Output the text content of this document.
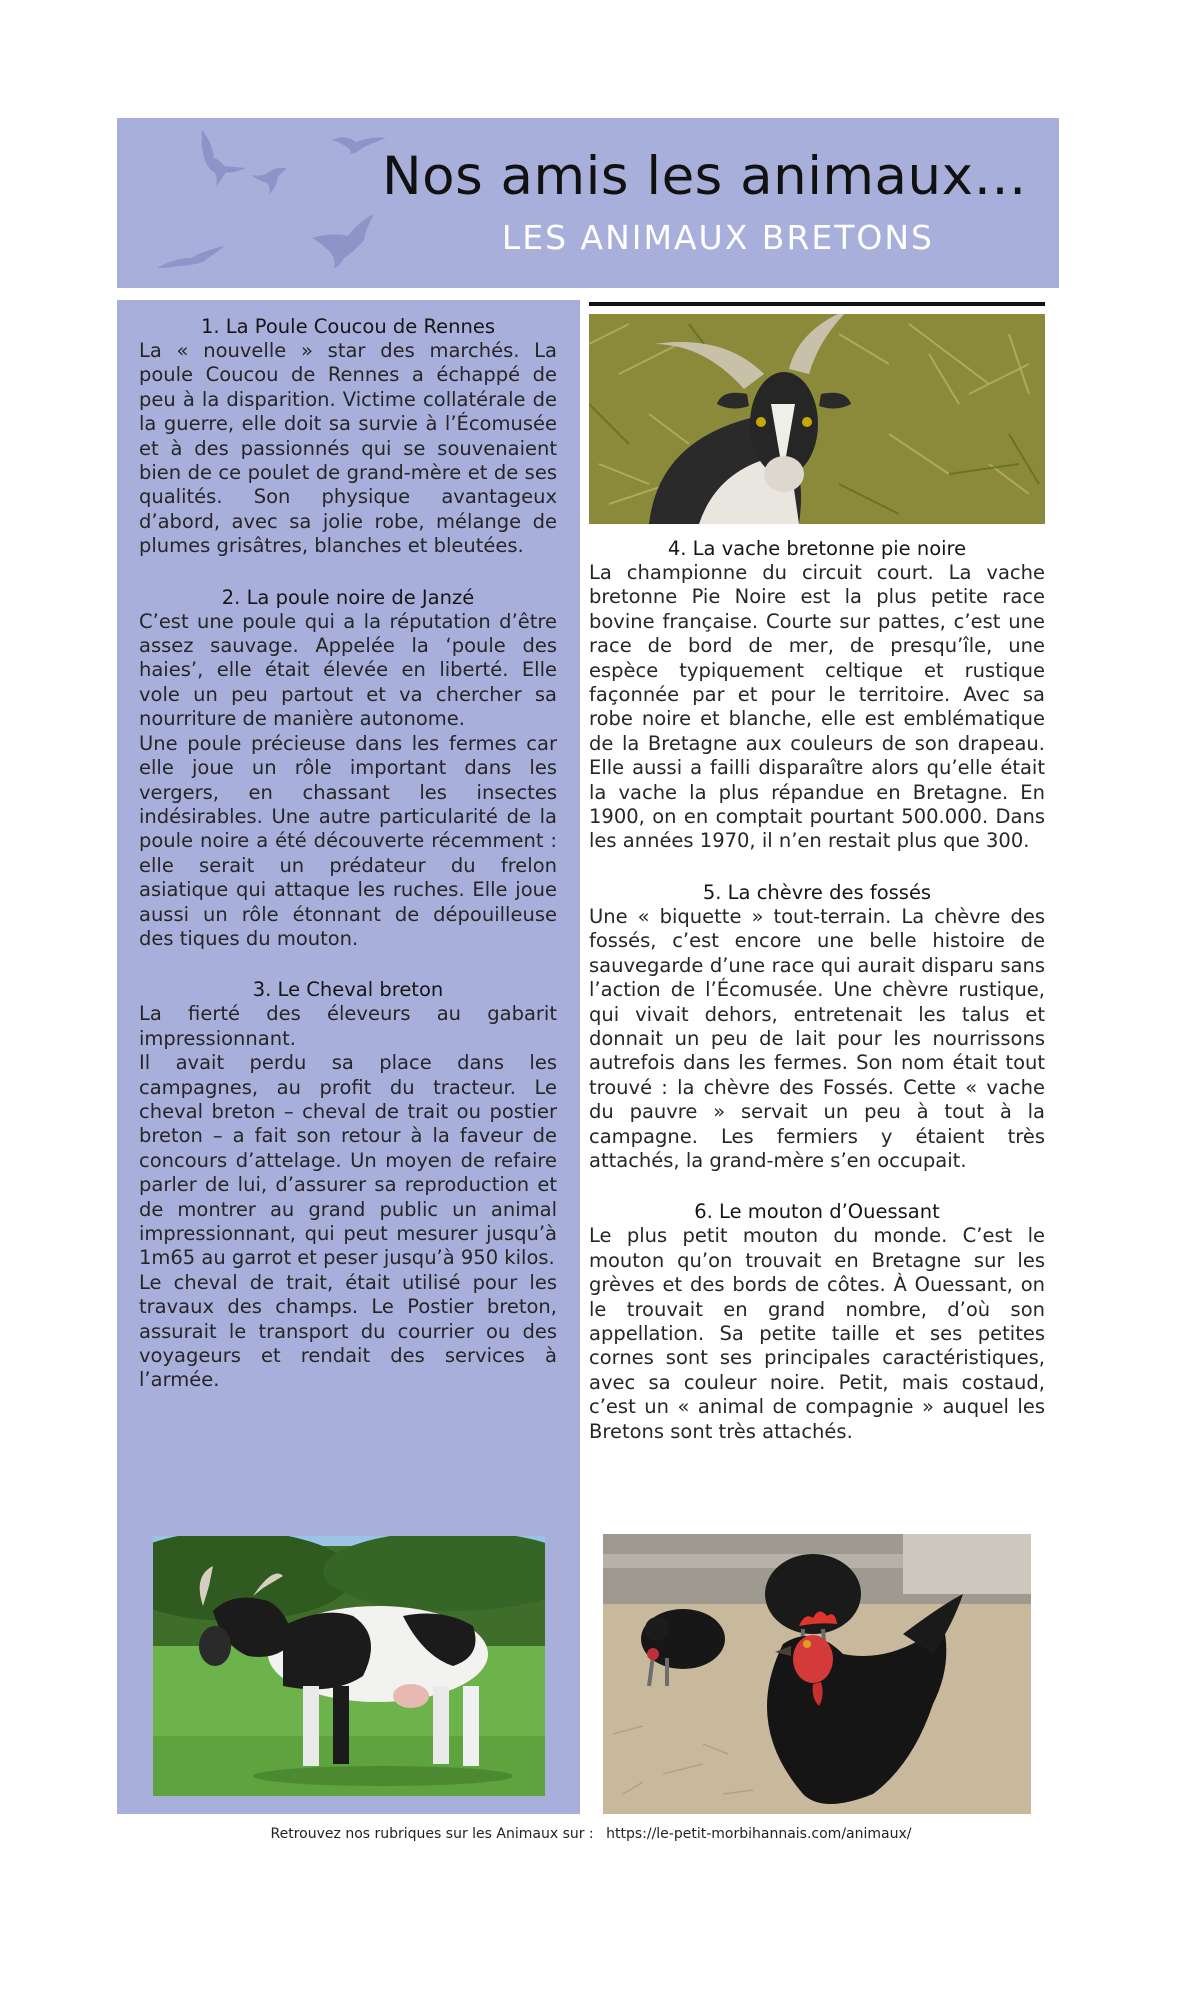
Nos amis les animaux…
LES ANIMAUX BRETONS
1. La Poule Coucou de Rennes

La « nouvelle » star des marchés. La poule Coucou de Rennes a échappé de peu à la disparition. Victime collatérale de la guerre, elle doit sa survie à l’Écomusée et à des passionnés qui se souvenaient bien de ce poulet de grand-mère et de ses qualités. Son physique avantageux d’abord, avec sa jolie robe, mélange de plumes grisâtres, blanches et bleutées.

2. La poule noire de Janzé

C’est une poule qui a la réputation d’être assez sauvage. Appelée la ‘poule des haies’, elle était élevée en liberté. Elle vole un peu partout et va chercher sa nourriture de manière autonome.

Une poule précieuse dans les fermes car elle joue un rôle important dans les vergers, en chassant les insectes indésirables. Une autre particularité de la poule noire a été découverte récemment : elle serait un prédateur du frelon asiatique qui attaque les ruches. Elle joue aussi un rôle étonnant de dépouilleuse des tiques du mouton.

3. Le Cheval breton

La fierté des éleveurs au gabarit impressionnant.

Il avait perdu sa place dans les campagnes, au profit du tracteur. Le cheval breton – cheval de trait ou postier breton – a fait son retour à la faveur de concours d’attelage. Un moyen de refaire parler de lui, d’assurer sa reproduction et de montrer au grand public un animal impressionnant, qui peut mesurer jusqu’à 1m65 au garrot et peser jusqu’à 950 kilos.

Le cheval de trait, était utilisé pour les travaux des champs. Le Postier breton, assurait le transport du courrier ou des voyageurs et rendait des services à l’armée.

4. La vache bretonne pie noire

La championne du circuit court. La vache bretonne Pie Noire est la plus petite race bovine française. Courte sur pattes, c’est une race de bord de mer, de presqu’île, une espèce typiquement celtique et rustique façonnée par et pour le territoire. Avec sa robe noire et blanche, elle est emblématique de la Bretagne aux couleurs de son drapeau. Elle aussi a failli disparaître alors qu’elle était la vache la plus répandue en Bretagne. En 1900, on en comptait pourtant 500.000. Dans les années 1970, il n’en restait plus que 300.

5. La chèvre des fossés

Une « biquette » tout-terrain. La chèvre des fossés, c’est encore une belle histoire de sauvegarde d’une race qui aurait disparu sans l’action de l’Écomusée. Une chèvre rustique, qui vivait dehors, entretenait les talus et donnait un peu de lait pour les nourrissons autrefois dans les fermes. Son nom était tout trouvé : la chèvre des Fossés. Cette « vache du pauvre » servait un peu à tout à la campagne. Les fermiers y étaient très attachés, la grand-mère s’en occupait.

6. Le mouton d’Ouessant

Le plus petit mouton du monde. C’est le mouton qu’on trouvait en Bretagne sur les grèves et des bords de côtes. À Ouessant, on le trouvait en grand nombre, d’où son appellation. Sa petite taille et ses petites cornes sont ses principales caractéristiques, avec sa couleur noire. Petit, mais costaud, c’est un « animal de compagnie » auquel les Bretons sont très attachés.

Retrouvez nos rubriques sur les Animaux sur : https://le-petit-morbihannais.com/animaux/
